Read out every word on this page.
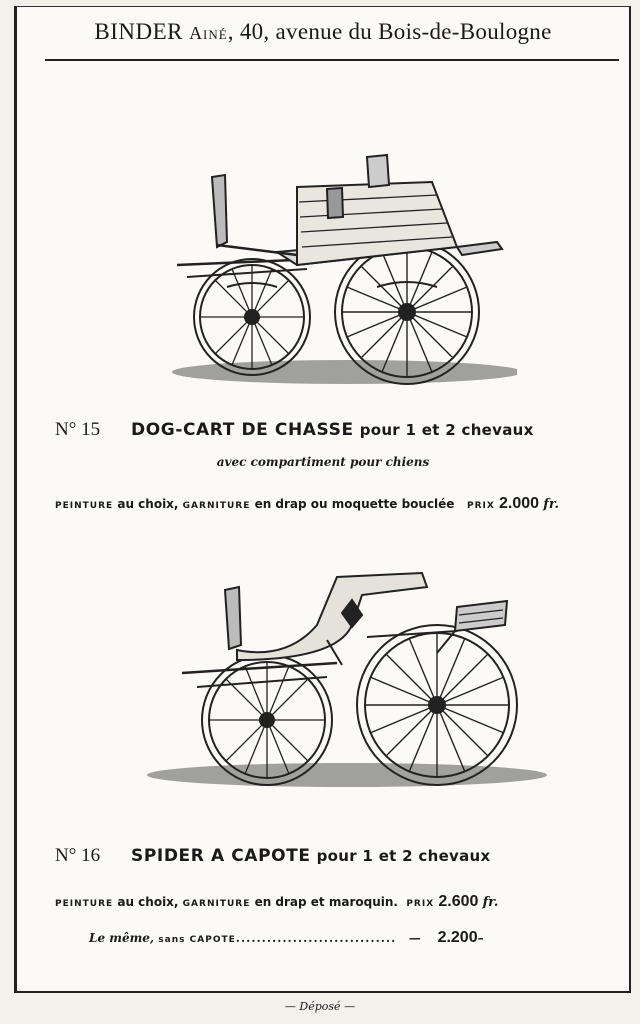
BINDER Ainé, 40, avenue du Bois-de-Boulogne
N° 15 DOG-CART DE CHASSE pour 1 et 2 chevaux
avec compartiment pour chiens
PEINTURE au choix, GARNITURE en drap ou moquette bouclée PRIX 2.000 fr.
N° 16 SPIDER A CAPOTE pour 1 et 2 chevaux
PEINTURE au choix, GARNITURE en drap et maroquin. PRIX 2.600 fr.
Le même, sans CAPOTE............................... — 2.200–
— Déposé —
